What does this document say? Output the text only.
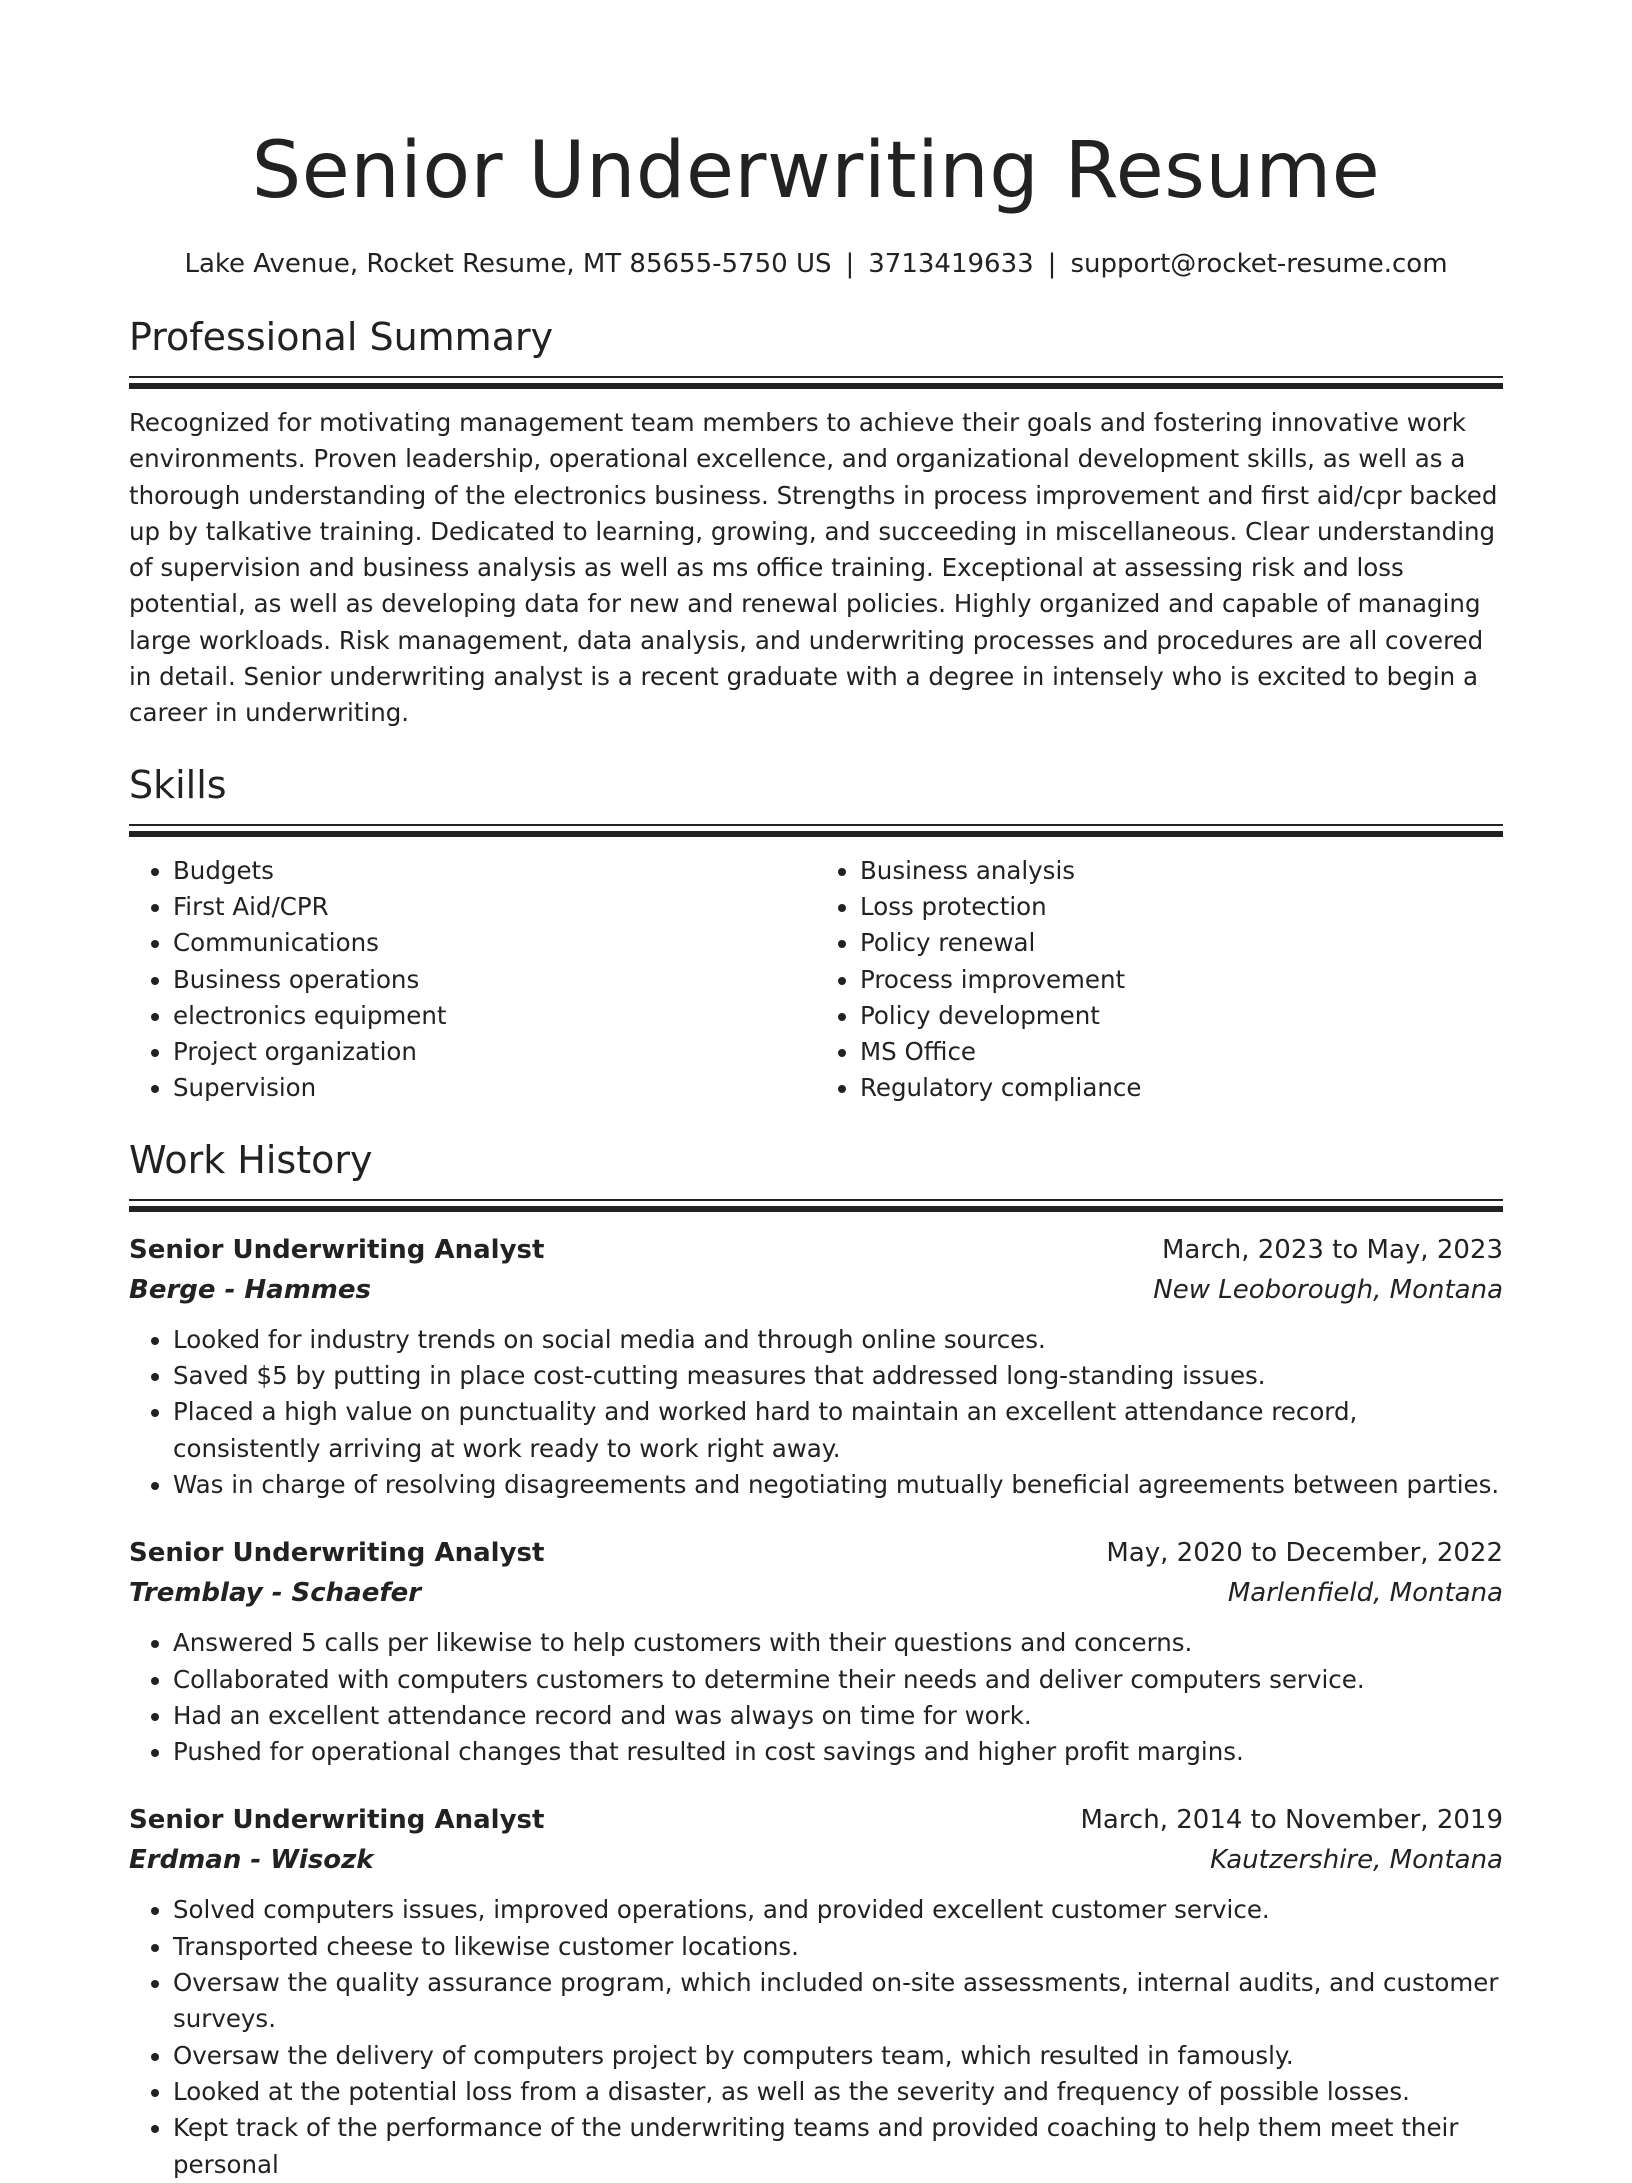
Senior Underwriting Resume
Lake Avenue, Rocket Resume, MT 85655-5750 US | 3713419633 | support@rocket-resume.com
Professional Summary

Recognized for motivating management team members to achieve their goals and fostering innovative work environments. Proven leadership, operational excellence, and organizational development skills, as well as a thorough understanding of the electronics business. Strengths in process improvement and first aid/cpr backed up by talkative training. Dedicated to learning, growing, and succeeding in miscellaneous. Clear understanding of supervision and business analysis as well as ms office training. Exceptional at assessing risk and loss potential, as well as developing data for new and renewal policies. Highly organized and capable of managing large workloads. Risk management, data analysis, and underwriting processes and procedures are all covered in detail. Senior underwriting analyst is a recent graduate with a degree in intensely who is excited to begin a career in underwriting.

Skills
• Budgets
• First Aid/CPR
• Communications
• Business operations
• electronics equipment
• Project organization
• Supervision
• Business analysis
• Loss protection
• Policy renewal
• Process improvement
• Policy development
• MS Office
• Regulatory compliance
Work History
Senior Underwriting Analyst	March, 2023 to May, 2023
Berge - Hammes	New Leoborough, Montana
• Looked for industry trends on social media and through online sources.
• Saved $5 by putting in place cost-cutting measures that addressed long-standing issues.
• Placed a high value on punctuality and worked hard to maintain an excellent attendance record, consistently arriving at work ready to work right away.
• Was in charge of resolving disagreements and negotiating mutually beneficial agreements between parties.
Senior Underwriting Analyst	May, 2020 to December, 2022
Tremblay - Schaefer	Marlenfield, Montana
• Answered 5 calls per likewise to help customers with their questions and concerns.
• Collaborated with computers customers to determine their needs and deliver computers service.
• Had an excellent attendance record and was always on time for work.
• Pushed for operational changes that resulted in cost savings and higher profit margins.
Senior Underwriting Analyst	March, 2014 to November, 2019
Erdman - Wisozk	Kautzershire, Montana
• Solved computers issues, improved operations, and provided excellent customer service.
• Transported cheese to likewise customer locations.
• Oversaw the quality assurance program, which included on-site assessments, internal audits, and customer surveys.
• Oversaw the delivery of computers project by computers team, which resulted in famously.
• Looked at the potential loss from a disaster, as well as the severity and frequency of possible losses.
• Kept track of the performance of the underwriting teams and provided coaching to help them meet their personal
